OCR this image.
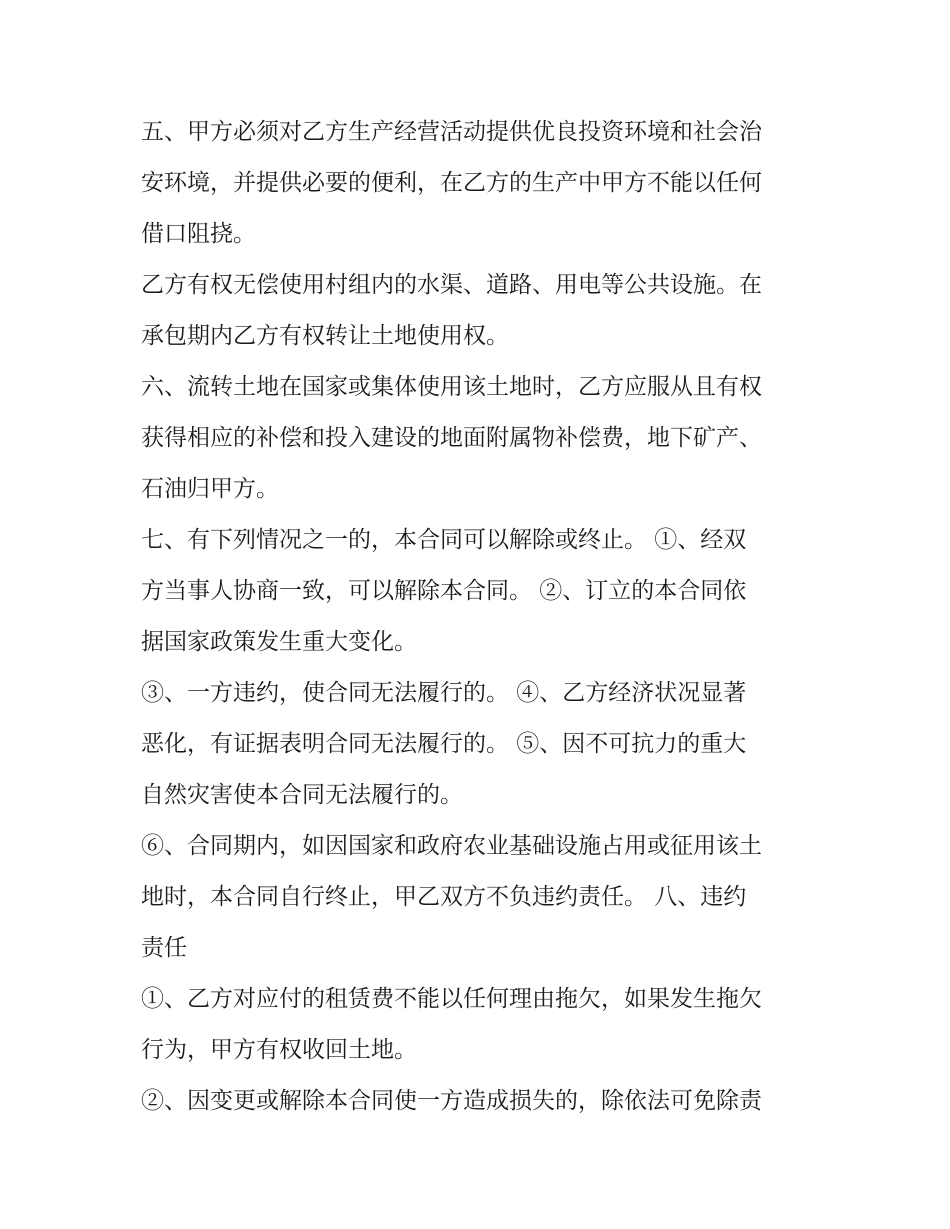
五、甲方必须对乙方生产经营活动提供优良投资环境和社会治
安环境，并提供必要的便利，在乙方的生产中甲方不能以任何
借口阻挠。
乙方有权无偿使用村组内的水渠、道路、用电等公共设施。在
承包期内乙方有权转让土地使用权。
六、流转土地在国家或集体使用该土地时，乙方应服从且有权
获得相应的补偿和投入建设的地面附属物补偿费，地下矿产、
石油归甲方。
七、有下列情况之一的，本合同可以解除或终止。 ①、经双
方当事人协商一致，可以解除本合同。 ②、订立的本合同依
据国家政策发生重大变化。
③、一方违约，使合同无法履行的。 ④、乙方经济状况显著
恶化，有证据表明合同无法履行的。 ⑤、因不可抗力的重大
自然灾害使本合同无法履行的。
⑥、合同期内，如因国家和政府农业基础设施占用或征用该土
地时，本合同自行终止，甲乙双方不负违约责任。 八、违约
责任
①、乙方对应付的租赁费不能以任何理由拖欠，如果发生拖欠
行为，甲方有权收回土地。
②、因变更或解除本合同使一方造成损失的，除依法可免除责
